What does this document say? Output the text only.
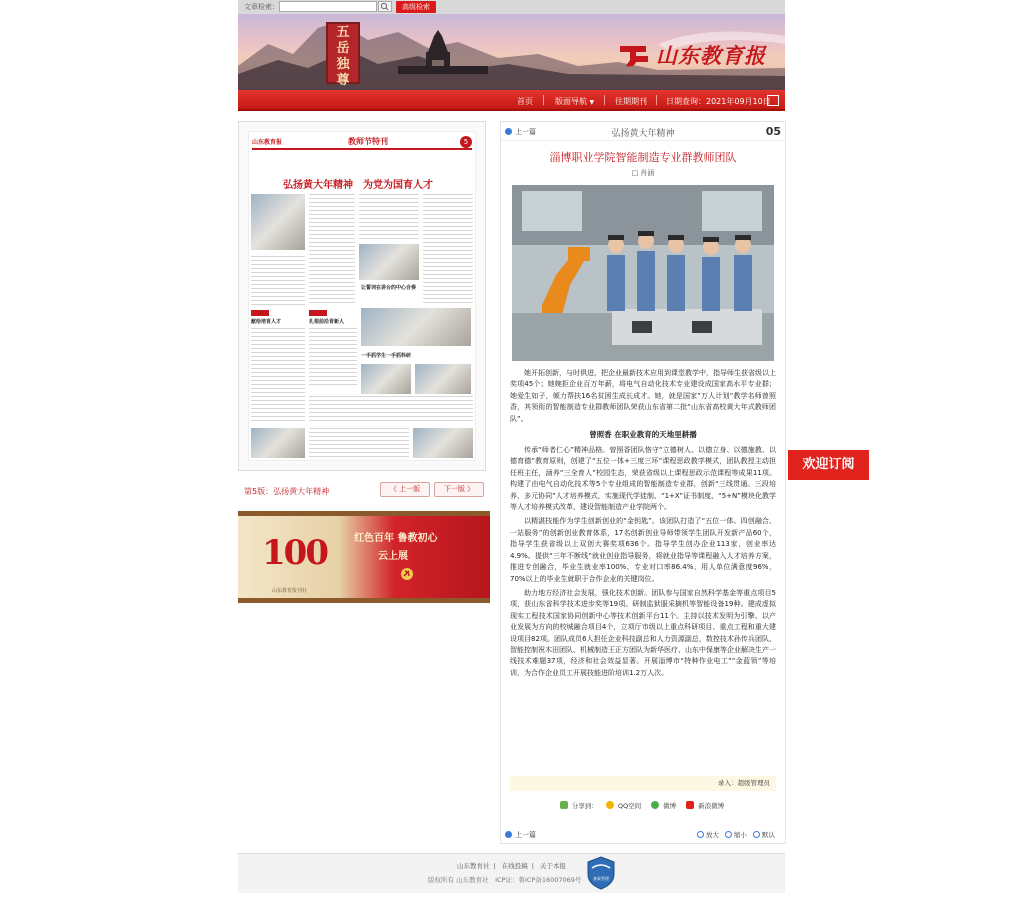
文章检索：	高级检索
五
岳
独
尊
山东教育报
首页	版面导航 ▼	往期期刊 日期查询：2021年09月10日
山东教育报	教师节特刊	5
弘扬黄大年精神　为党为国育人才
献给培育人才
让誓词在讲台的中心合奏
扎根前沿育新人
一手抓学生一手抓科研
第5版：弘扬黄大年精神	《 上一版	下一版 》
100	红色百年 鲁教初心
云上展
山东教育报刊社
上一篇	弘扬黄大年精神	05
淄博职业学院智能制造专业群教师团队
□ 肖涵

她开拓创新，与时俱进，把企业最新技术应用到课堂教学中，指导师生获省级以上奖项45个；她婉拒企业百万年薪，将电气自动化技术专业建设成国家高水平专业群；她爱生如子，倾力帮扶16名贫困生成长成才。她，就是国家“万人计划”教学名师曾照香，其领衔的智能制造专业群教师团队荣获山东省第二批“山东省高校黄大年式教师团队”。

曾照香 在职业教育的天地里耕播

传承“师者仁心”精神品格。曾照香团队恪守“立德树人、以德立身、以德施教、以德育德”教育原则，创建了“五位一体+三度三环”课程思政教学模式，团队教授主动担任班主任，涵养“三全育人”校园生态，荣获省级以上课程思政示范课程等成果11项。构建了由电气自动化技术等5个专业组成的智能制造专业群，创新“三线贯通、三段培养、多元协同”人才培养模式，实施现代学徒制、“1+X”证书制度、“5+N”模块化教学等人才培养模式改革，建设智能制造产业学院两个。

以精湛技能作为学生创新创业的“金钥匙”。该团队打造了“五位一体、四创融合、一站服务”的创新创业教育体系，17名创新创业导师带领学生团队开发新产品60个，指导学生获省级以上双创大赛奖项636个。指导学生创办企业113家，创业率达4.9%。提供“三年不断线”就业创业指导服务，将就业指导等课程融入人才培养方案，推进专创融合，毕业生就业率100%、专业对口率86.4%、用人单位满意度96%，70%以上的毕业生就职于合作企业的关键岗位。

助力地方经济社会发展，强化技术创新。团队参与国家自然科学基金等重点项目5项，获山东省科学技术进步奖等19项。研制监狱服采摘机等智能设备19种。建成虚拟现实工程技术国家协同创新中心等技术创新平台11个。主持以技术发明为引擎、以产业发展为方向的校城融合项目4个，立项厅市级以上重点科研项目、重点工程和重大建设项目82项。团队成员6人担任企业科技副总和人力资源副总，数控技术孙传兵团队、智能控制祝木田团队、机械制造王正方团队为新华医疗、山东中保康等企业解决生产一线技术难题37项，经济和社会效益显著。开展淄博市“特种作业电工”“金蓝领”等培训，为合作企业员工开展技能进阶培训1.2万人次。

录入：超级管理员
分享到：	QQ空间	微博	新浪微博
上一篇	放大 缩小 默认
欢迎订阅
山东教育社 | 在线投稿 | 关于本报
版权所有 山东教育社　ICP证：鲁ICP备16007069号	备案管理
